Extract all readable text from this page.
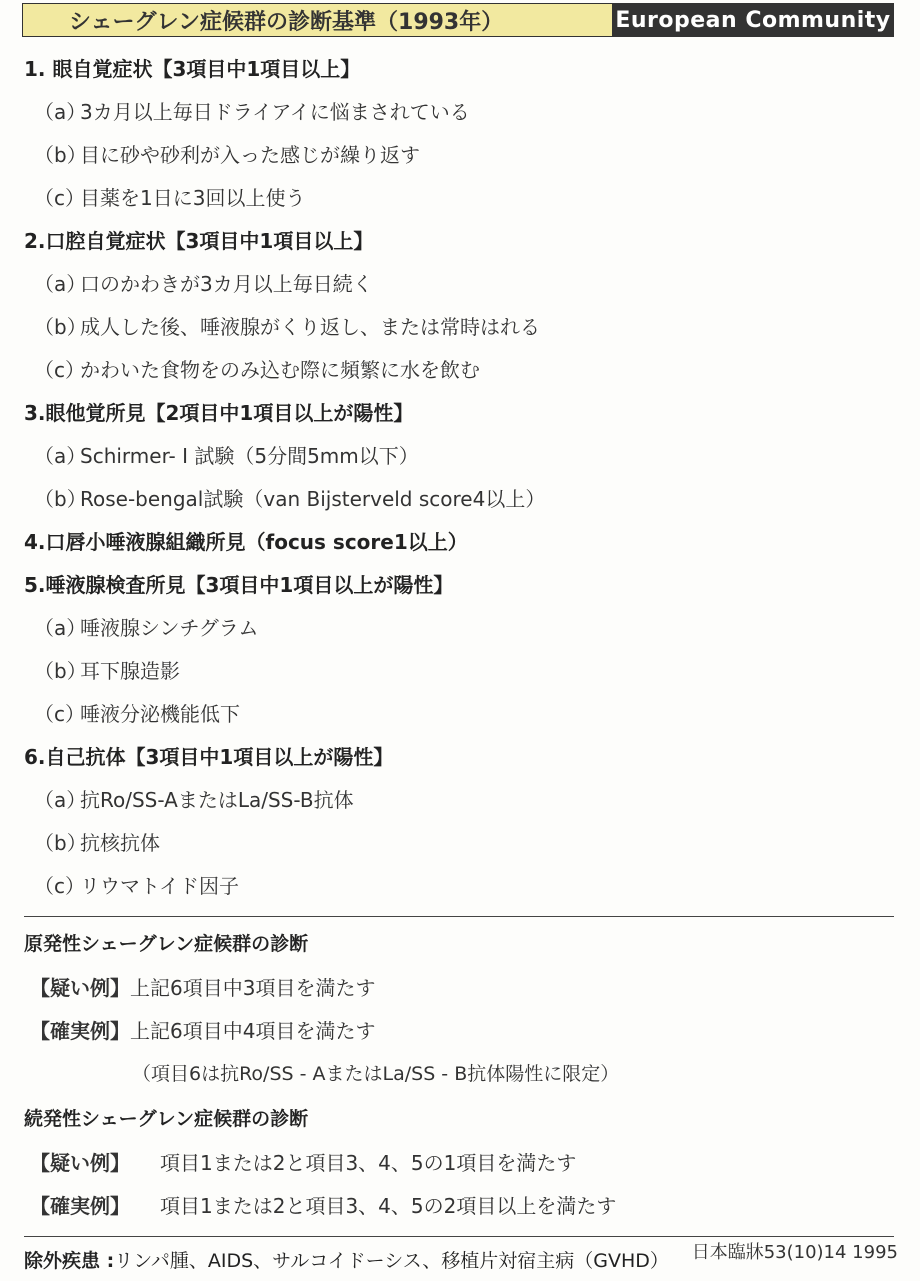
シェーグレン症候群の診断基準（1993年）	European Community
1. 眼自覚症状【3項目中1項目以上】
（a）3カ月以上毎日ドライアイに悩まされている
（b）目に砂や砂利が入った感じが繰り返す
（c）目薬を1日に3回以上使う
2.口腔自覚症状【3項目中1項目以上】
（a）口のかわきが3カ月以上毎日続く
（b）成人した後、唾液腺がくり返し、または常時はれる
（c）かわいた食物をのみ込む際に頻繁に水を飲む
3.眼他覚所見【2項目中1項目以上が陽性】
（a）Schirmer- I 試験（5分間5mm以下）
（b）Rose-bengal試験（van Bijsterveld score4以上）
4.口唇小唾液腺組織所見（focus score1以上）
5.唾液腺検査所見【3項目中1項目以上が陽性】
（a）唾液腺シンチグラム
（b）耳下腺造影
（c）唾液分泌機能低下
6.自己抗体【3項目中1項目以上が陽性】
（a）抗Ro/SS-AまたはLa/SS-B抗体
（b）抗核抗体
（c）リウマトイド因子
原発性シェーグレン症候群の診断
【疑い例】上記6項目中3項目を満たす
【確実例】上記6項目中4項目を満たす
（項目6は抗Ro/SS - AまたはLa/SS - B抗体陽性に限定）
続発性シェーグレン症候群の診断
【疑い例】 項目1または2と項目3、4、5の1項目を満たす
【確実例】 項目1または2と項目3、4、5の2項目以上を満たす
除外疾患 :リンパ腫、AIDS、サルコイドーシス、移植片対宿主病（GVHD）	日本臨牀53(10)14 1995
